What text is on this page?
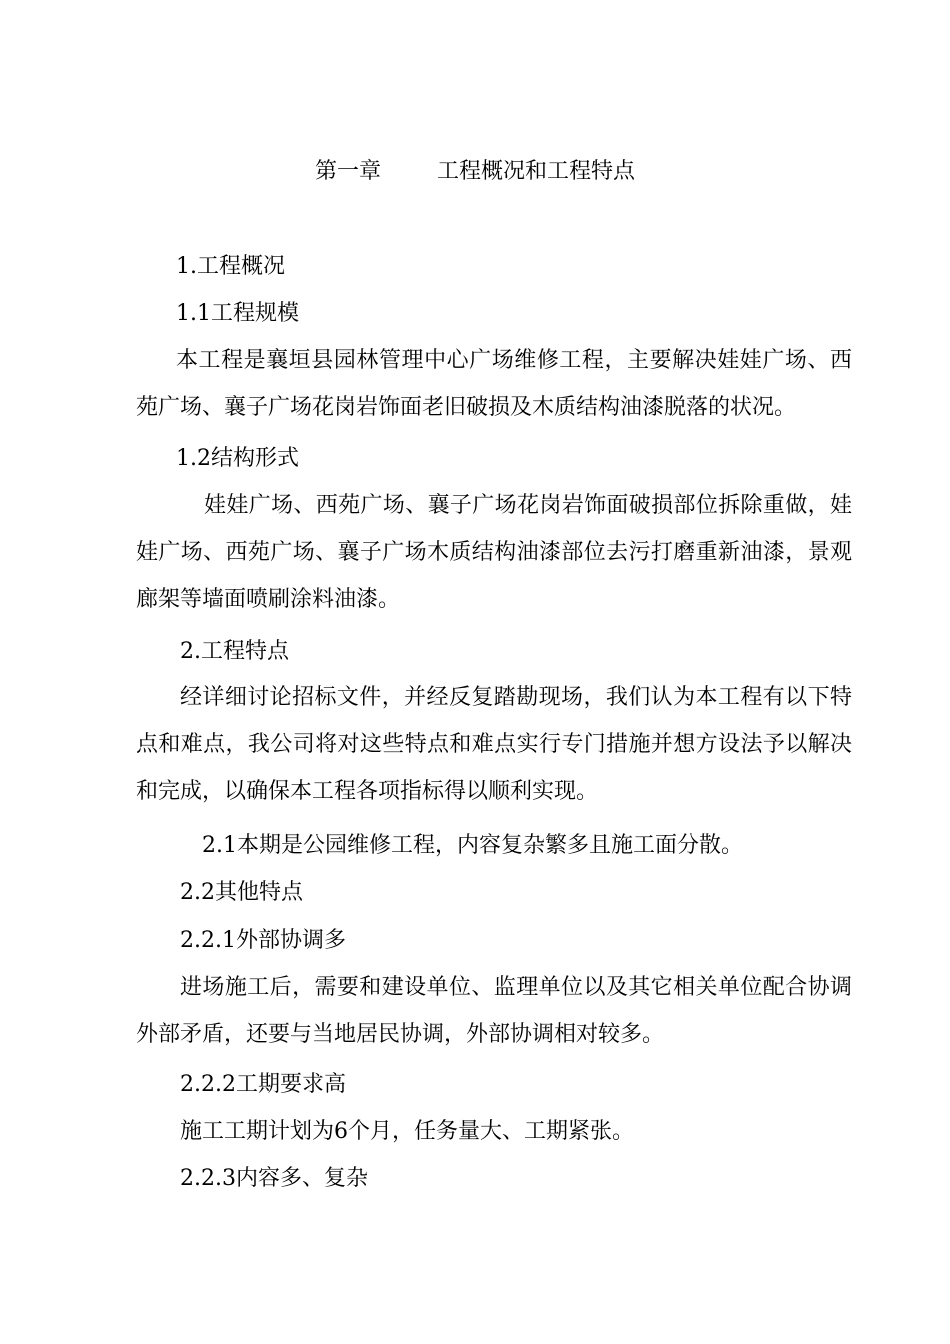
第一章        工程概况和工程特点
1.工程概况
1.1工程规模

本工程是襄垣县园林管理中心广场维修工程，主要解决娃娃广场、西苑广场、襄子广场花岗岩饰面老旧破损及木质结构油漆脱落的状况。

1.2结构形式

娃娃广场、西苑广场、襄子广场花岗岩饰面破损部位拆除重做，娃娃广场、西苑广场、襄子广场木质结构油漆部位去污打磨重新油漆，景观廊架等墙面喷刷涂料油漆。

2.工程特点

经详细讨论招标文件，并经反复踏勘现场，我们认为本工程有以下特点和难点，我公司将对这些特点和难点实行专门措施并想方设法予以解决和完成，以确保本工程各项指标得以顺利实现。

2.1本期是公园维修工程，内容复杂繁多且施工面分散。
2.2其他特点
2.2.1外部协调多

进场施工后，需要和建设单位、监理单位以及其它相关单位配合协调外部矛盾，还要与当地居民协调，外部协调相对较多。

2.2.2工期要求高
施工工期计划为6个月，任务量大、工期紧张。
2.2.3内容多、复杂
